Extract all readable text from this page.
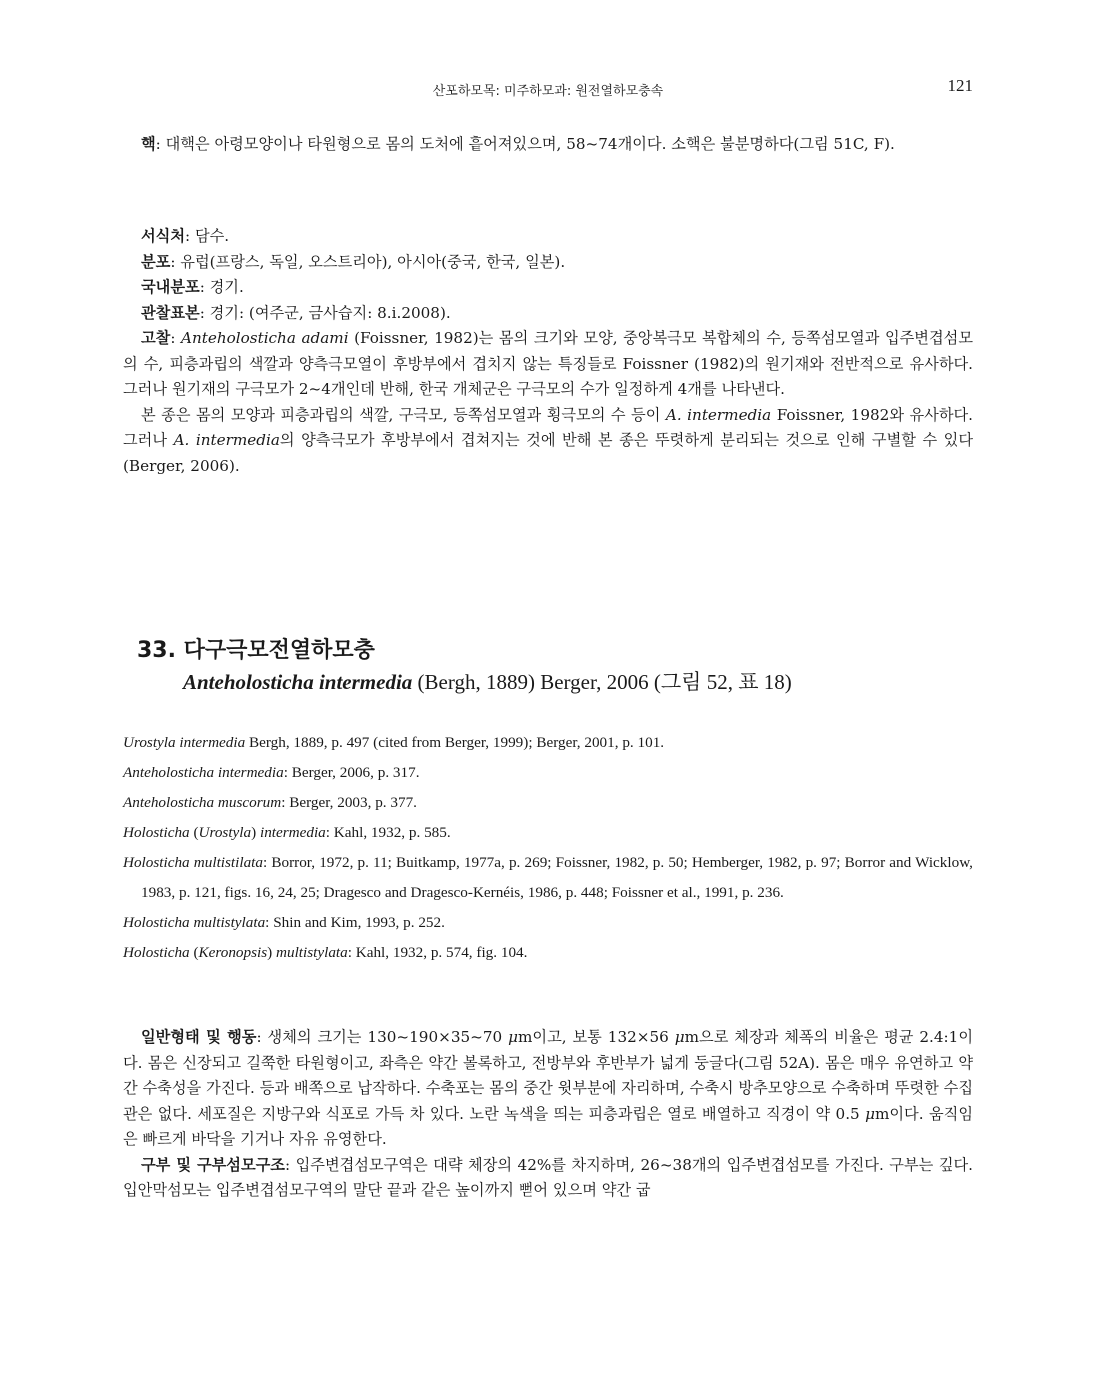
산포하모목: 미주하모과: 원전열하모충속	121

핵: 대핵은 아령모양이나 타원형으로 몸의 도처에 흩어져있으며, 58~74개이다. 소핵은 불분명하다(그림 51C, F).

서식처: 담수.

분포: 유럽(프랑스, 독일, 오스트리아), 아시아(중국, 한국, 일본).

국내분포: 경기.

관찰표본: 경기: (여주군, 금사습지: 8.i.2008).

고찰: Anteholosticha adami (Foissner, 1982)는 몸의 크기와 모양, 중앙복극모 복합체의 수, 등쪽섬모열과 입주변겹섬모의 수, 피층과립의 색깔과 양측극모열이 후방부에서 겹치지 않는 특징들로 Foissner (1982)의 원기재와 전반적으로 유사하다. 그러나 원기재의 구극모가 2~4개인데 반해, 한국 개체군은 구극모의 수가 일정하게 4개를 나타낸다.

본 종은 몸의 모양과 피층과립의 색깔, 구극모, 등쪽섬모열과 횡극모의 수 등이 A. intermedia Foissner, 1982와 유사하다. 그러나 A. intermedia의 양측극모가 후방부에서 겹쳐지는 것에 반해 본 종은 뚜렷하게 분리되는 것으로 인해 구별할 수 있다(Berger, 2006).

33. 다구극모전열하모충
Anteholosticha intermedia (Bergh, 1889) Berger, 2006 (그림 52, 표 18)

Urostyla intermedia Bergh, 1889, p. 497 (cited from Berger, 1999); Berger, 2001, p. 101.

Anteholosticha intermedia: Berger, 2006, p. 317.

Anteholosticha muscorum: Berger, 2003, p. 377.

Holosticha (Urostyla) intermedia: Kahl, 1932, p. 585.

Holosticha multistilata: Borror, 1972, p. 11; Buitkamp, 1977a, p. 269; Foissner, 1982, p. 50; Hemberger, 1982, p. 97; Borror and Wicklow, 1983, p. 121, figs. 16, 24, 25; Dragesco and Dragesco-Kernéis, 1986, p. 448; Foissner et al., 1991, p. 236.

Holosticha multistylata: Shin and Kim, 1993, p. 252.

Holosticha (Keronopsis) multistylata: Kahl, 1932, p. 574, fig. 104.

일반형태 및 행동: 생체의 크기는 130~190×35~70 μm이고, 보통 132×56 μm으로 체장과 체폭의 비율은 평균 2.4:1이다. 몸은 신장되고 길쭉한 타원형이고, 좌측은 약간 볼록하고, 전방부와 후반부가 넓게 둥글다(그림 52A). 몸은 매우 유연하고 약간 수축성을 가진다. 등과 배쪽으로 납작하다. 수축포는 몸의 중간 윗부분에 자리하며, 수축시 방추모양으로 수축하며 뚜렷한 수집관은 없다. 세포질은 지방구와 식포로 가득 차 있다. 노란 녹색을 띄는 피층과립은 열로 배열하고 직경이 약 0.5 μm이다. 움직임은 빠르게 바닥을 기거나 자유 유영한다.

구부 및 구부섬모구조: 입주변겹섬모구역은 대략 체장의 42%를 차지하며, 26~38개의 입주변겹섬모를 가진다. 구부는 깊다. 입안막섬모는 입주변겹섬모구역의 말단 끝과 같은 높이까지 뻗어 있으며 약간 굽
